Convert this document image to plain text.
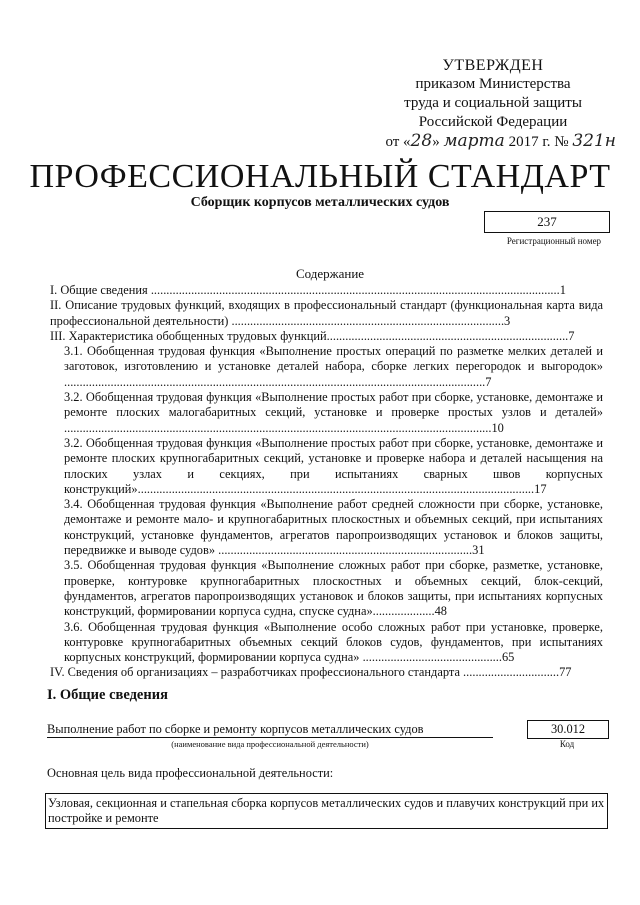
УТВЕРЖДЕН
приказом Министерства
труда и социальной защиты
Российской Федерации
от «28» марта 2017 г. № 321н
ПРОФЕССИОНАЛЬНЫЙ СТАНДАРТ
Сборщик корпусов металлических судов
237
Регистрационный номер
Содержание
I. Общие сведения ....................................................................................................................................1
II. Описание трудовых функций, входящих в профессиональный стандарт (функциональная карта вида профессиональной деятельности) ........................................................................................3
III. Характеристика обобщенных трудовых функций..............................................................................7
3.1. Обобщенная трудовая функция «Выполнение простых операций по разметке мелких деталей и заготовок, изготовлению и установке деталей набора, сборке легких перегородок и выгородок» ........................................................................................................................................7
3.2. Обобщенная трудовая функция «Выполнение простых работ при сборке, установке, демонтаже и ремонте плоских малогабаритных секций, установке и проверке простых узлов и деталей» ..........................................................................................................................................10
3.2. Обобщенная трудовая функция «Выполнение простых работ при сборке, установке, демонтаже и ремонте плоских крупногабаритных секций, установке и проверке набора и деталей насыщения на плоских узлах и секциях, при испытаниях сварных швов корпусных конструкций»................................................................................................................................17
3.4. Обобщенная трудовая функция «Выполнение работ средней сложности при сборке, установке, демонтаже и ремонте мало- и крупногабаритных плоскостных и объемных секций, при испытаниях конструкций, установке фундаментов, агрегатов паропроизводящих установок и блоков защиты, передвижке и выводе судов» ..................................................................................31
3.5. Обобщенная трудовая функция «Выполнение сложных работ при сборке, разметке, установке, проверке, контуровке крупногабаритных плоскостных и объемных секций, блок-секций, фундаментов, агрегатов паропроизводящих установок и блоков защиты, при испытаниях корпусных конструкций, формировании корпуса судна, спуске судна»....................48
3.6. Обобщенная трудовая функция «Выполнение особо сложных работ при установке, проверке, контуровке крупногабаритных объемных секций блоков судов, фундаментов, при испытаниях корпусных конструкций, формировании корпуса судна» .............................................65
IV. Сведения об организациях – разработчиках профессионального стандарта ...............................77
I. Общие сведения
Выполнение работ по сборке и ремонту корпусов металлических судов
(наименование вида профессиональной деятельности)
30.012
Код
Основная цель вида профессиональной деятельности:
Узловая, секционная и стапельная сборка корпусов металлических судов и плавучих конструкций при их постройке и ремонте
